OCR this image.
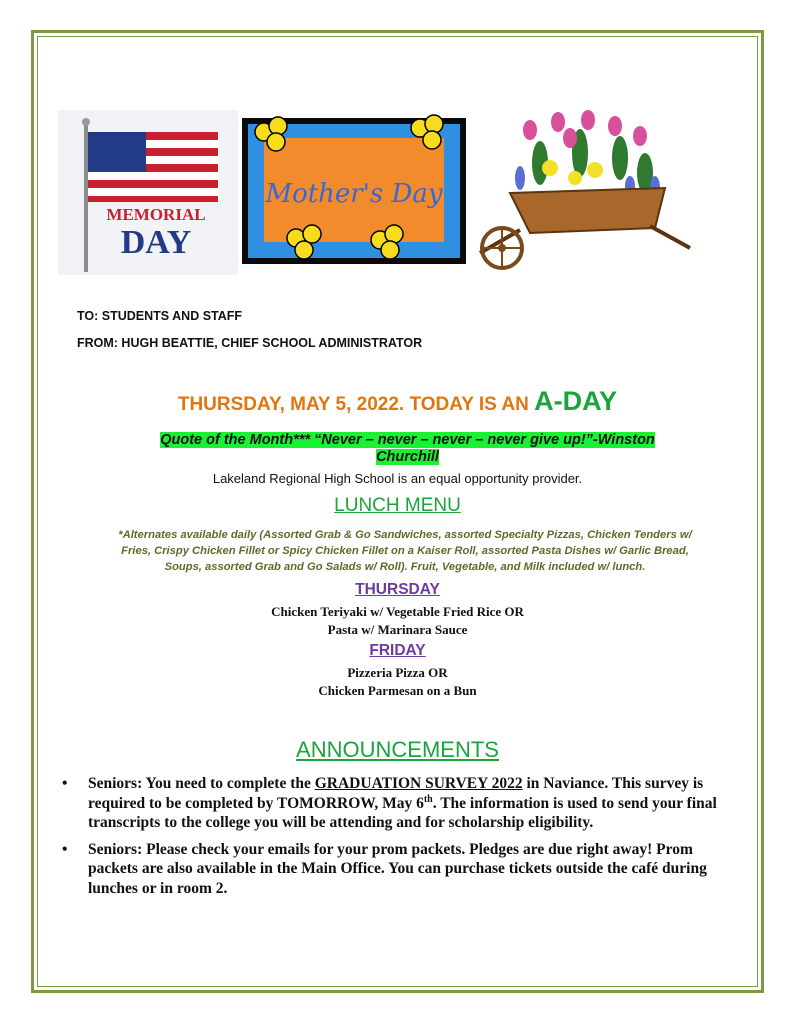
MEMORIAL
DAY
Mother's Day
TO: STUDENTS AND STAFF
FROM: HUGH BEATTIE, CHIEF SCHOOL ADMINISTRATOR
THURSDAY, MAY 5, 2022. TODAY IS AN A-DAY
Quote of the Month*** “Never – never – never – never give up!”-Winston
Churchill
Lakeland Regional High School is an equal opportunity provider.
LUNCH MENU
*Alternates available daily (Assorted Grab & Go Sandwiches, assorted Specialty Pizzas, Chicken Tenders w/
Fries, Crispy Chicken Fillet or Spicy Chicken Fillet on a Kaiser Roll, assorted Pasta Dishes w/ Garlic Bread,
Soups, assorted Grab and Go Salads w/ Roll). Fruit, Vegetable, and Milk included w/ lunch.
THURSDAY
Chicken Teriyaki w/ Vegetable Fried Rice OR
Pasta w/ Marinara Sauce
FRIDAY
Pizzeria Pizza OR
Chicken Parmesan on a Bun
ANNOUNCEMENTS
• Seniors: You need to complete the GRADUATION SURVEY 2022 in Naviance. This survey is required to be completed by TOMORROW, May 6th. The information is used to send your final transcripts to the college you will be attending and for scholarship eligibility.
• Seniors: Please check your emails for your prom packets. Pledges are due right away! Prom packets are also available in the Main Office. You can purchase tickets outside the café during lunches or in room 2.
